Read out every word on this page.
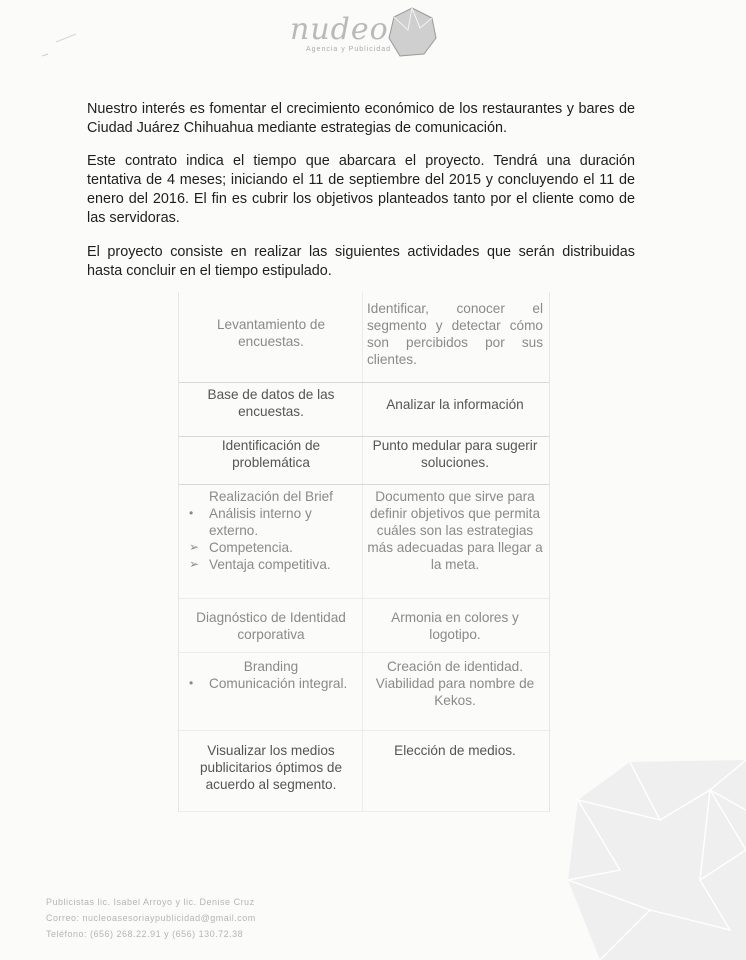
nudeo
Agencia y Publicidad

Nuestro interés es fomentar el crecimiento económico de los restaurantes y bares de Ciudad Juárez Chihuahua mediante estrategias de comunicación.

Este contrato indica el tiempo que abarcara el proyecto. Tendrá una duración tentativa de 4 meses; iniciando el 11 de septiembre del 2015 y concluyendo el 11 de enero del 2016. El fin es cubrir los objetivos planteados tanto por el cliente como de las servidoras.

El proyecto consiste en realizar las siguientes actividades que serán distribuidas hasta concluir en el tiempo estipulado.

Levantamiento de encuestas.
Identificar, conocer el segmento y detectar cómo son percibidos por sus clientes.
Base de datos de las encuestas.	Analizar la información
Identificación de problemática
Punto medular para sugerir soluciones.
Realización del Brief
• Análisis interno y externo.
➢ Competencia.
➢ Ventaja competitiva.
Documento que sirve para definir objetivos que permita cuáles son las estrategias más adecuadas para llegar a la meta.
Diagnóstico de Identidad corporativa
Armonia en colores y logotipo.
Branding
• Comunicación integral.
Creación de identidad. Viabilidad para nombre de Kekos.
Visualizar los medios publicitarios óptimos de acuerdo al segmento.
Elección de medios.
Publicistas lic. Isabel Arroyo y lic. Denise Cruz
Correo: nucleoasesoriaypublicidad@gmail.com
Teléfono: (656) 268.22.91 y (656) 130.72.38
